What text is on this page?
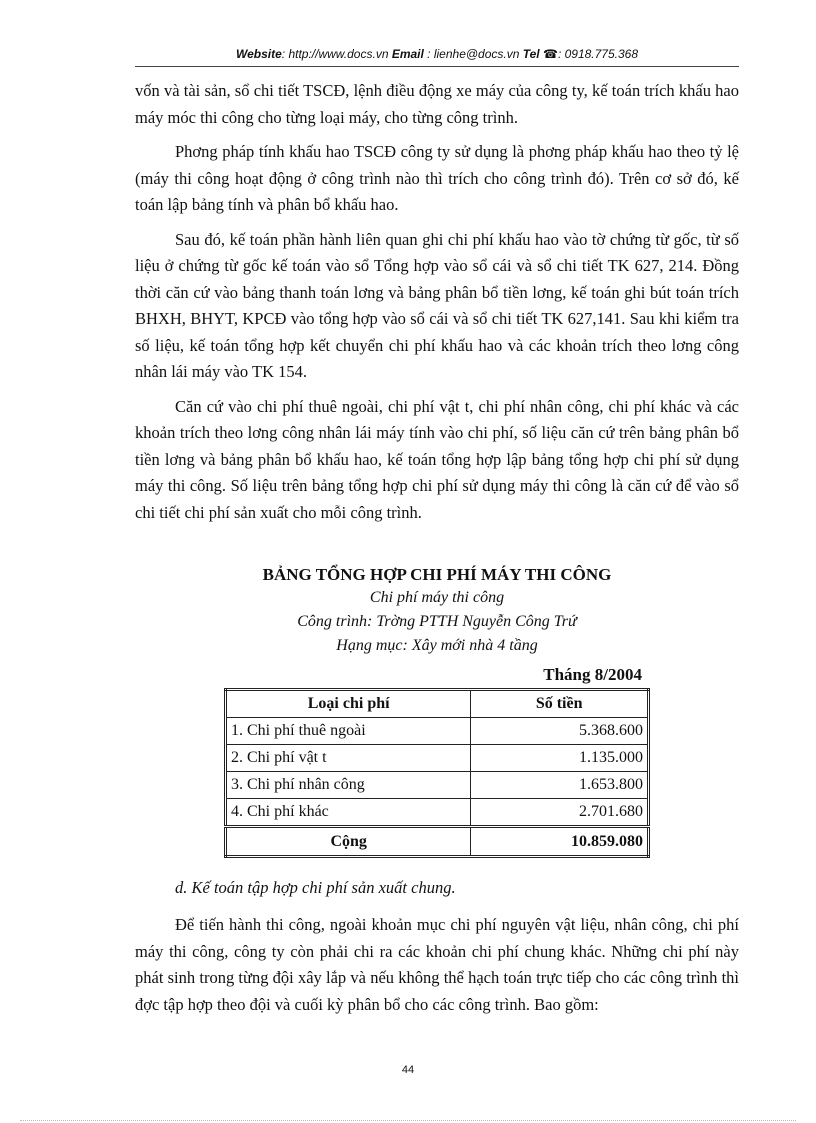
Website: http://www.docs.vn Email : lienhe@docs.vn Tel ☎: 0918.775.368

vốn và tài sản, sổ chi tiết TSCĐ, lệnh điều động xe máy của công ty, kế toán trích khấu hao máy móc thi công cho từng loại máy, cho từng công trình.

Phơng pháp tính khấu hao TSCĐ công ty sử dụng là phơng pháp khấu hao theo tỷ lệ (máy thi công hoạt động ở công trình nào thì trích cho công trình đó). Trên cơ sở đó, kế toán lập bảng tính và phân bổ khấu hao.

Sau đó, kế toán phần hành liên quan ghi chi phí khấu hao vào tờ chứng từ gốc, từ số liệu ở chứng từ gốc kế toán vào sổ Tổng hợp vào sổ cái và sổ chi tiết TK 627, 214. Đồng thời căn cứ vào bảng thanh toán lơng và bảng phân bổ tiền lơng, kế toán ghi bút toán trích BHXH, BHYT, KPCĐ vào tổng hợp vào sổ cái và sổ chi tiết TK 627,141. Sau khi kiểm tra số liệu, kế toán tổng hợp kết chuyển chi phí khấu hao và các khoản trích theo lơng công nhân lái máy vào TK 154.

Căn cứ vào chi phí thuê ngoài, chi phí vật t, chi phí nhân công, chi phí khác và các khoản trích theo lơng công nhân lái máy tính vào chi phí, số liệu căn cứ trên bảng phân bổ tiền lơng và bảng phân bổ khấu hao, kế toán tổng hợp lập bảng tổng hợp chi phí sử dụng máy thi công. Số liệu trên bảng tổng hợp chi phí sử dụng máy thi công là căn cứ để vào sổ chi tiết chi phí sản xuất cho mỗi công trình.

BẢNG TỔNG HỢP CHI PHÍ MÁY THI CÔNG
Chi phí máy thi công
Công trình: Trờng PTTH Nguyễn Công Trứ
Hạng mục: Xây mới nhà 4 tầng
Tháng 8/2004
Loại chi phí	Số tiền
1. Chi phí thuê ngoài	5.368.600
2. Chi phí vật t	1.135.000
3. Chi phí nhân công	1.653.800
4. Chi phí khác	2.701.680
Cộng	10.859.080
d. Kế toán tập hợp chi phí sản xuất chung.

Để tiến hành thi công, ngoài khoản mục chi phí nguyên vật liệu, nhân công, chi phí máy thi công, công ty còn phải chi ra các khoản chi phí chung khác. Những chi phí này phát sinh trong từng đội xây lắp và nếu không thể hạch toán trực tiếp cho các công trình thì đợc tập hợp theo đội và cuối kỳ phân bổ cho các công trình. Bao gồm:

44
